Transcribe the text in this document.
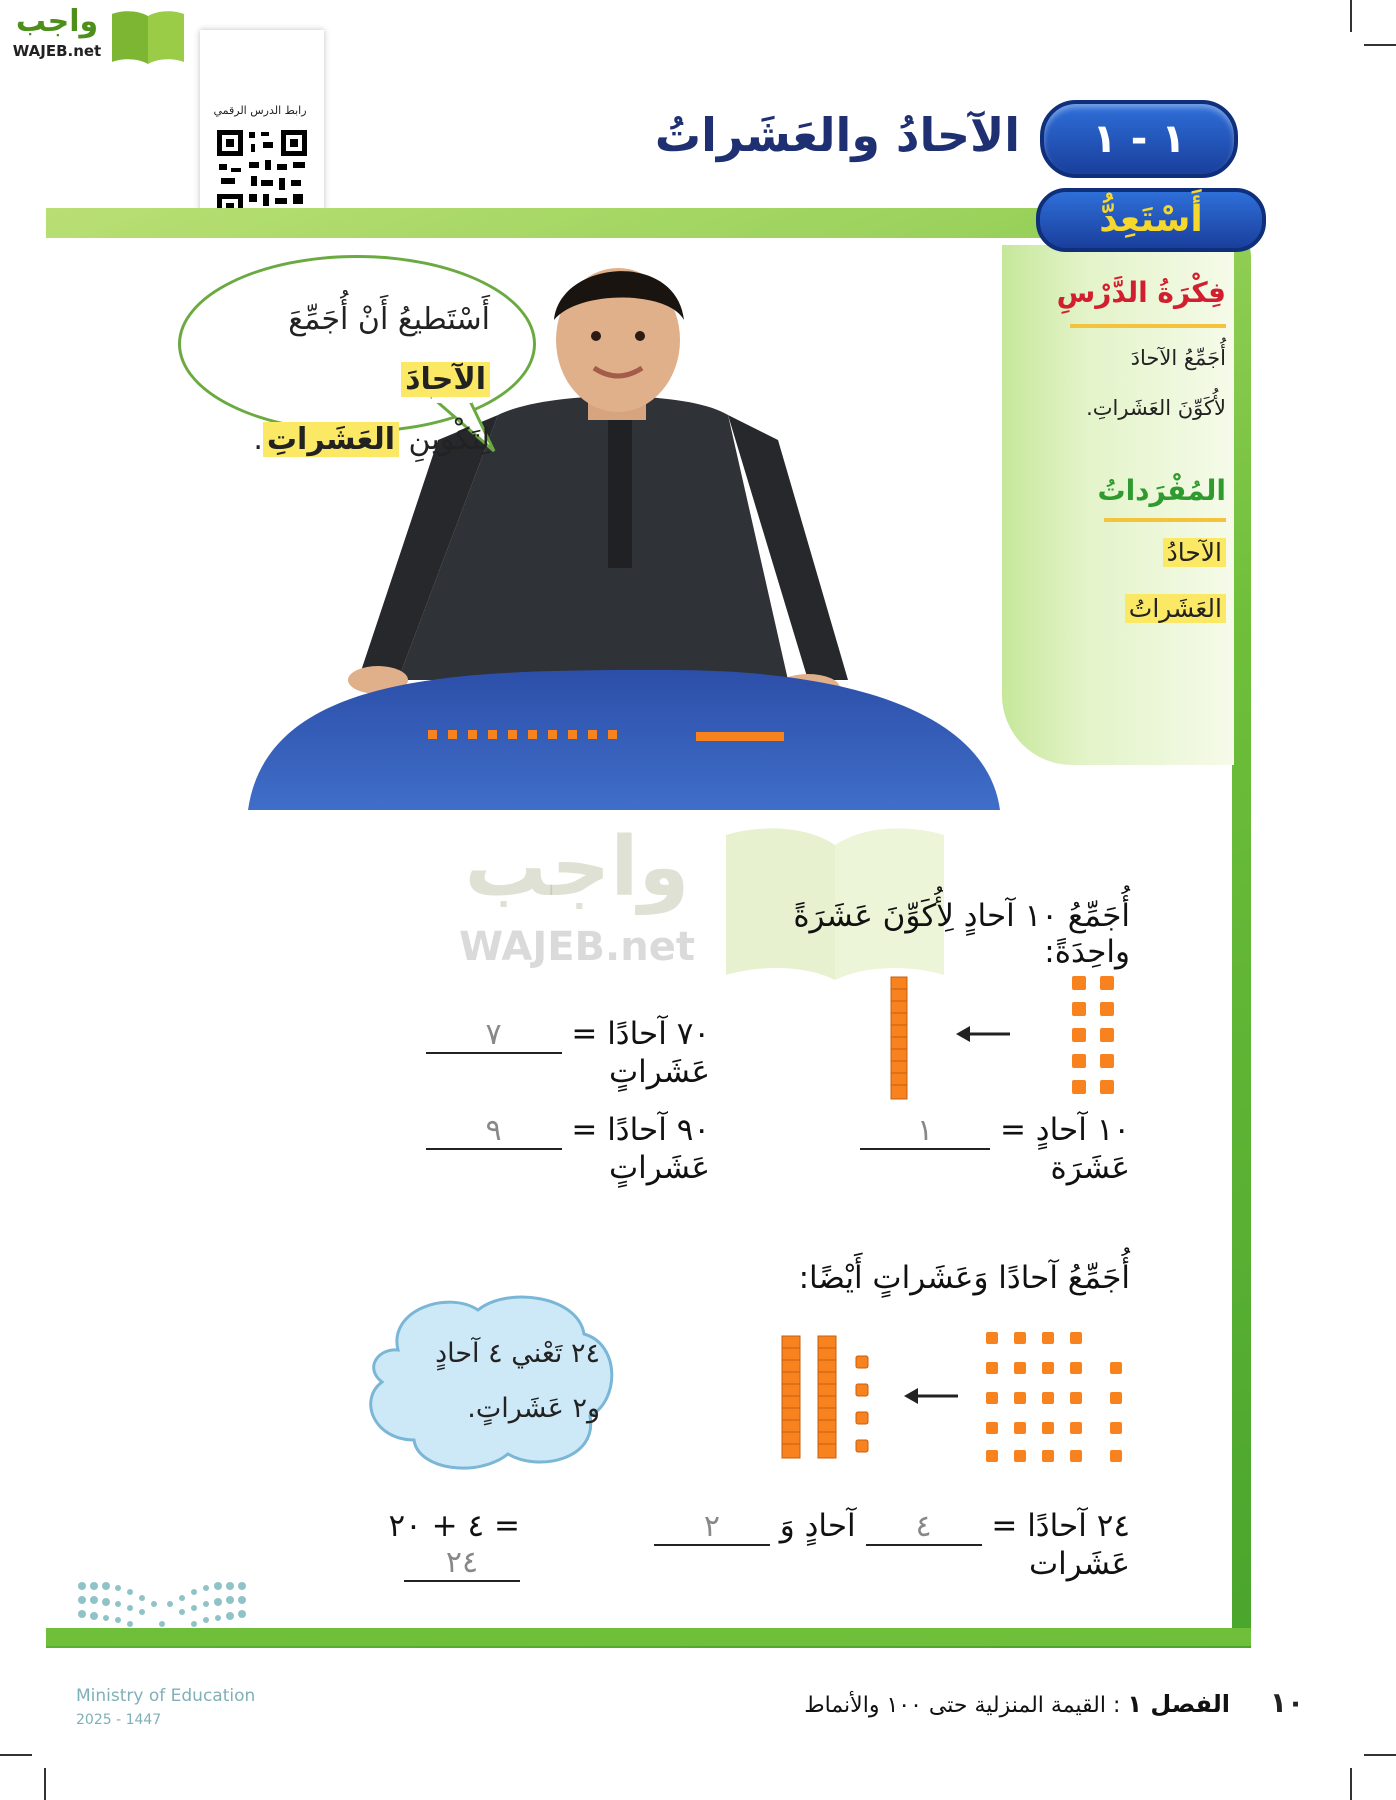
واجب
WAJEB.net
رابط الدرس الرقمي
١ - ١
الآحادُ والعَشَراتُ
أَسْتَعِدُّ
فِكْرَةُ الدَّرْسِ
أُجَمِّعُ الآحادَ
لأُكَوِّنَ العَشَراتِ.
المُفْرَداتُ
الآحادُ
العَشَراتُ
أَسْتَطيعُ أَنْ أُجَمِّعَ الآحادَ
لِتَكْوينِ العَشَراتِ.
واجب
WAJEB.net
أُجَمِّعُ ١٠ آحادٍ لِأُكَوِّنَ عَشَرَةً واحِدَةً:
١٠ آحادٍ = ١ عَشَرَة
٧٠ آحادًا = ٧ عَشَراتٍ
٩٠ آحادًا = ٩ عَشَراتٍ
أُجَمِّعُ آحادًا وَعَشَراتٍ أَيْضًا:
٢٤ تَعْني ٤ آحادٍ
و٢ عَشَراتٍ.
٢٤ آحادًا = ٤ آحادٍ وَ ٢ عَشَرات
٤ + ٢٠ = ٢٤
Ministry of Education
2025 - 1447
الفصل ١ : القيمة المنزلية حتى ١٠٠ والأنماط	١٠
